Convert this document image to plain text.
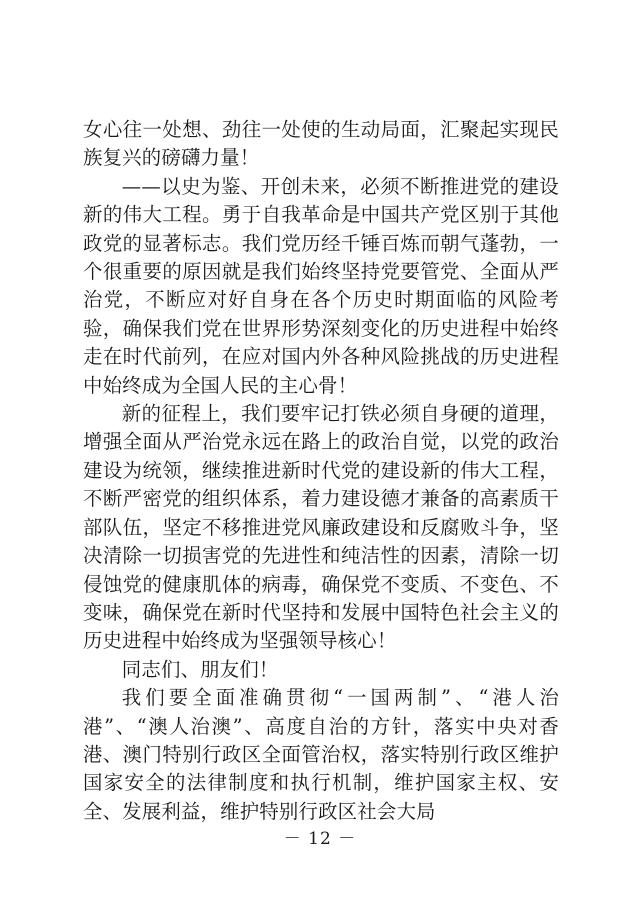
女心往一处想、劲往一处使的生动局面，汇聚起实现民族复兴的磅礴力量！

——以史为鉴、开创未来，必须不断推进党的建设新的伟大工程。勇于自我革命是中国共产党区别于其他政党的显著标志。我们党历经千锤百炼而朝气蓬勃，一个很重要的原因就是我们始终坚持党要管党、全面从严治党，不断应对好自身在各个历史时期面临的风险考验，确保我们党在世界形势深刻变化的历史进程中始终走在时代前列，在应对国内外各种风险挑战的历史进程中始终成为全国人民的主心骨！

新的征程上，我们要牢记打铁必须自身硬的道理，增强全面从严治党永远在路上的政治自觉，以党的政治建设为统领，继续推进新时代党的建设新的伟大工程，不断严密党的组织体系，着力建设德才兼备的高素质干部队伍，坚定不移推进党风廉政建设和反腐败斗争，坚决清除一切损害党的先进性和纯洁性的因素，清除一切侵蚀党的健康肌体的病毒，确保党不变质、不变色、不变味，确保党在新时代坚持和发展中国特色社会主义的历史进程中始终成为坚强领导核心！

同志们、朋友们！

我们要全面准确贯彻“一国两制”、“港人治港”、“澳人治澳”、高度自治的方针，落实中央对香港、澳门特别行政区全面管治权，落实特别行政区维护国家安全的法律制度和执行机制，维护国家主权、安全、发展利益，维护特别行政区社会大局

－ 12 －
